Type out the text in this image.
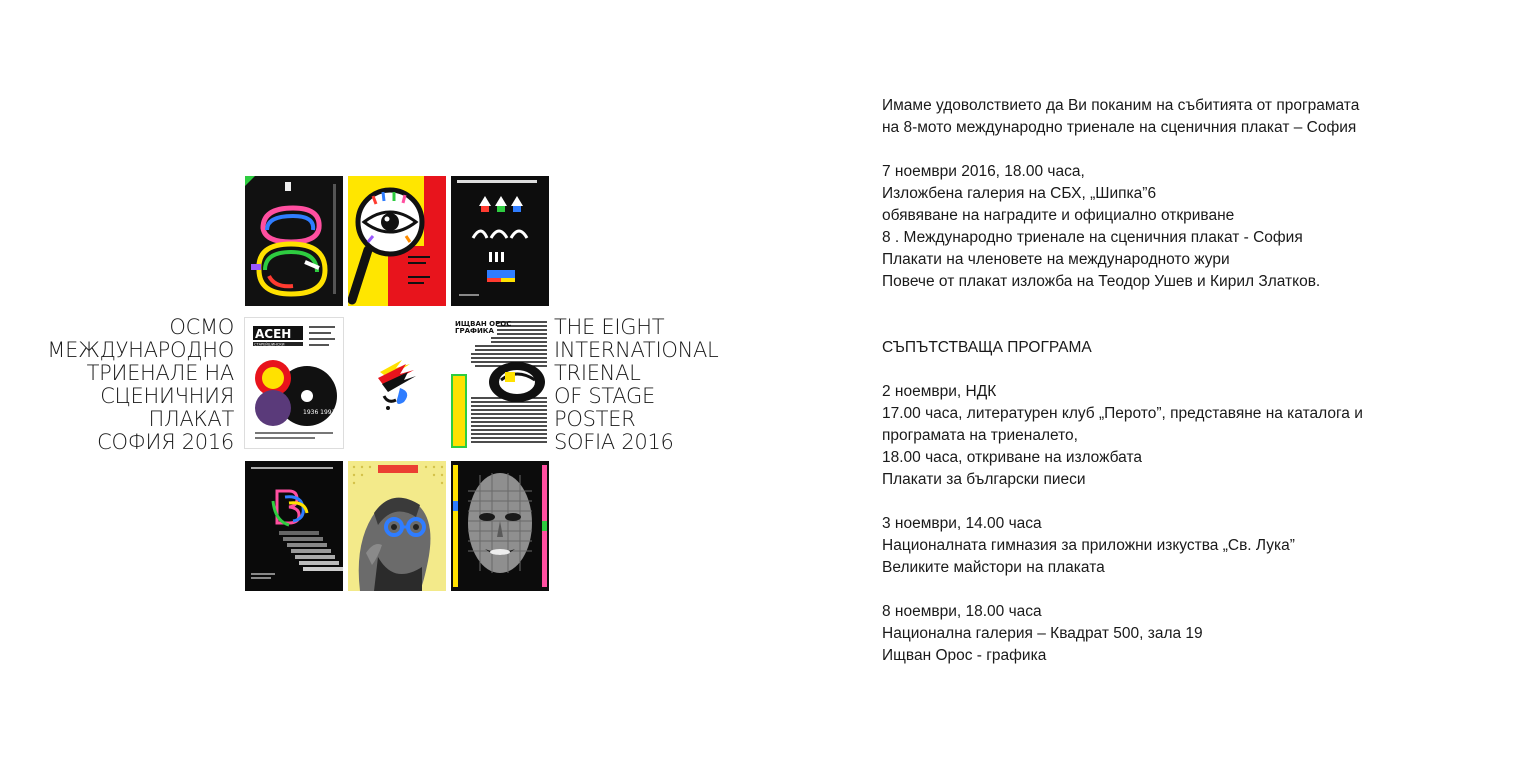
ОСМО
МЕЖДУНАРОДНО
ТРИЕНАЛЕ НА
СЦЕНИЧНИЯ
ПЛАКАТ
СОФИЯ 2016
THE EIGHT
INTERNATIONAL
TRIENAL
OF STAGE
POSTER
SOFIA 2016
АСЕН
СТАРЕЙШИНСКИ
1936 1991
ИЩВАН ОРОС
ГРАФИКА
Имаме удоволствието да Ви поканим на събитията от програмата
на 8-мото международно триенале на сценичния плакат – София
7 ноември 2016, 18.00 часа,
Изложбена галерия на СБХ, „Шипка”6
обявяване на наградите и официално откриване
8 . Международно триенале на сценичния плакат - София
Плакати на членовете на международното жури
Повече от плакат изложба на Теодор Ушев и Кирил Златков.
СЪПЪТСТВАЩА ПРОГРАМА
2 ноември, НДК
17.00 часа, литературен клуб „Перото”, представяне на каталога и
програмата на триеналето,
18.00 часа, откриване на изложбата
Плакати за български пиеси
3 ноември, 14.00 часа
Националната гимназия за приложни изкуства „Св. Лука”
Великите майстори на плаката
8 ноември, 18.00 часа
Национална галерия – Квадрат 500, зала 19
Ищван Орос - графика
